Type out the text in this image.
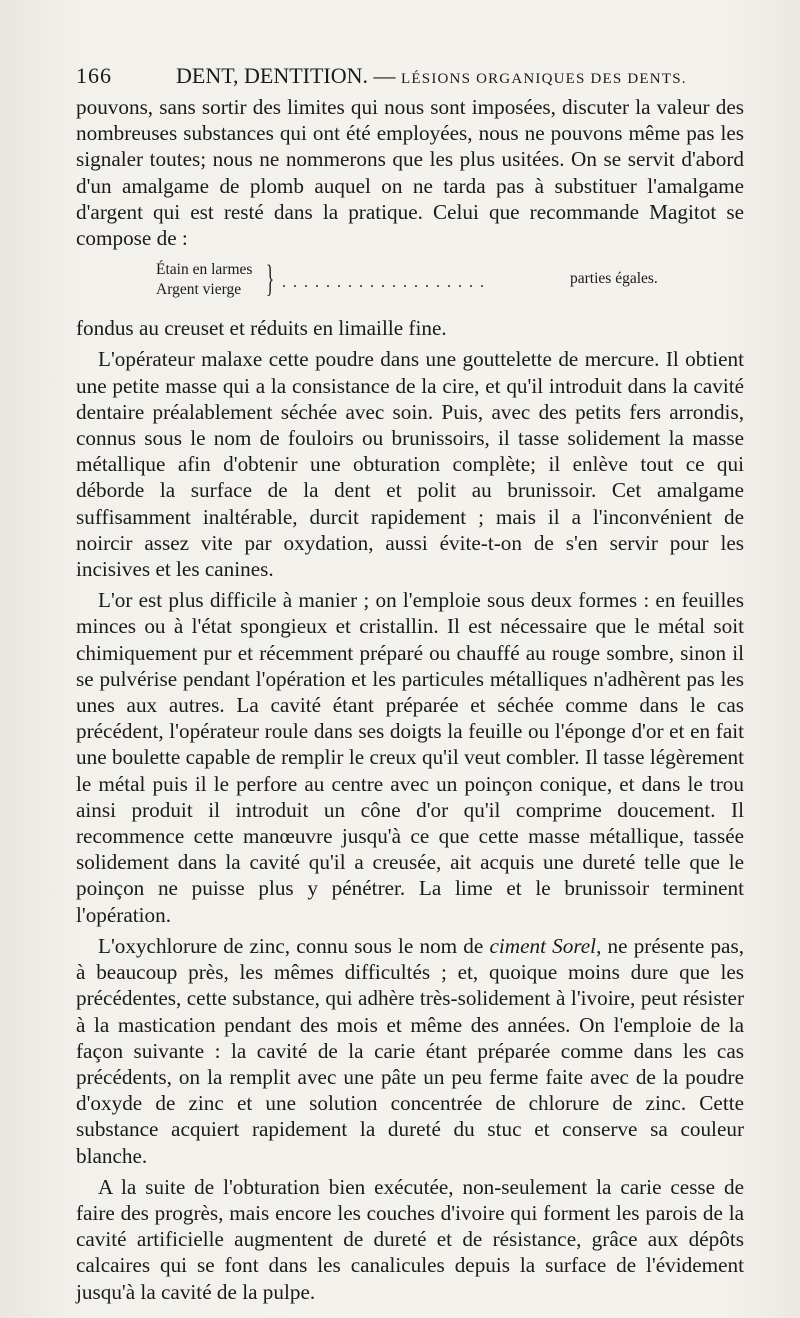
166	DENT, DENTITION. — LÉSIONS ORGANIQUES DES DENTS.

pouvons, sans sortir des limites qui nous sont imposées, discuter la valeur des nombreuses substances qui ont été employées, nous ne pouvons même pas les signaler toutes; nous ne nommerons que les plus usitées. On se servit d'abord d'un amalgame de plomb auquel on ne tarda pas à substituer l'amalgame d'argent qui est resté dans la pratique. Celui que recommande Magitot se compose de :

Étain en larmes
Argent vierge } ...................	parties égales.

fondus au creuset et réduits en limaille fine.

L'opérateur malaxe cette poudre dans une gouttelette de mercure. Il obtient une petite masse qui a la consistance de la cire, et qu'il introduit dans la cavité dentaire préalablement séchée avec soin. Puis, avec des petits fers arrondis, connus sous le nom de fouloirs ou brunissoirs, il tasse solidement la masse métallique afin d'obtenir une obturation complète; il enlève tout ce qui déborde la surface de la dent et polit au brunissoir. Cet amalgame suffisamment inaltérable, durcit rapidement ; mais il a l'inconvénient de noircir assez vite par oxydation, aussi évite-t-on de s'en servir pour les incisives et les canines.

L'or est plus difficile à manier ; on l'emploie sous deux formes : en feuilles minces ou à l'état spongieux et cristallin. Il est nécessaire que le métal soit chimiquement pur et récemment préparé ou chauffé au rouge sombre, sinon il se pulvérise pendant l'opération et les particules métalliques n'adhèrent pas les unes aux autres. La cavité étant préparée et séchée comme dans le cas précédent, l'opérateur roule dans ses doigts la feuille ou l'éponge d'or et en fait une boulette capable de remplir le creux qu'il veut combler. Il tasse légèrement le métal puis il le perfore au centre avec un poinçon conique, et dans le trou ainsi produit il introduit un cône d'or qu'il comprime doucement. Il recommence cette manœuvre jusqu'à ce que cette masse métallique, tassée solidement dans la cavité qu'il a creusée, ait acquis une dureté telle que le poinçon ne puisse plus y pénétrer. La lime et le brunissoir terminent l'opération.

L'oxychlorure de zinc, connu sous le nom de ciment Sorel, ne présente pas, à beaucoup près, les mêmes difficultés ; et, quoique moins dure que les précédentes, cette substance, qui adhère très-solidement à l'ivoire, peut résister à la mastication pendant des mois et même des années. On l'emploie de la façon suivante : la cavité de la carie étant préparée comme dans les cas précédents, on la remplit avec une pâte un peu ferme faite avec de la poudre d'oxyde de zinc et une solution concentrée de chlorure de zinc. Cette substance acquiert rapidement la dureté du stuc et conserve sa couleur blanche.

A la suite de l'obturation bien exécutée, non-seulement la carie cesse de faire des progrès, mais encore les couches d'ivoire qui forment les parois de la cavité artificielle augmentent de dureté et de résistance, grâce aux dépôts calcaires qui se font dans les canalicules depuis la surface de l'évidement jusqu'à la cavité de la pulpe.
